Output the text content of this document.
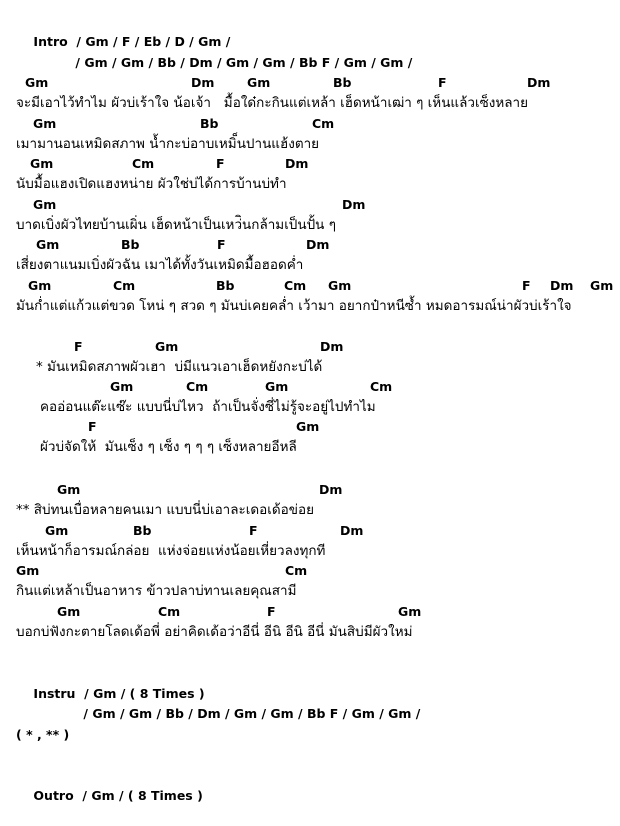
Intro / Gm / F / Eb / D / Gm /

/ Gm / Gm / Bb / Dm / Gm / Gm / Bb F / Gm / Gm /

Gm	Dm	Gm	Bb	F	Dm
จะมีเอาไว้ทำไม ผัวบ่เร้าใจ น้อเจ้า   มื้อใด๋กะกินแต่เหล้า เฮ็ดหน้าเฒ่า ๆ เห็นแล้วเซ็งหลาย
Gm	Bb	Cm
เมามานอนเหมิดสภาพ น้ำกะบ่อาบเหมิ็นปานแฮ้งตาย
Gm	Cm	F	Dm
นับมื้อแฮงเปิดแฮงหน่าย ผัวใช่บ่ได้การบ้านบ่ทำ
Gm	Dm
บาดเบิ่งผัวไทยบ้านเผิ่น เฮ็ดหน้าเป็นเหว่ินกล้ามเป็นปั้น ๆ
Gm	Bb	F	Dm
เสี่ยงตาแนมเบิ่งผัวฉัน เมาได้ทั้งวันเหมิดมื้อฮอดค่ำ
Gm	Cm	Bb	Cm Gm	F Dm Gm
มันก่ำแต่แก้วแต่ขวด โหน่ ๆ สวด ๆ มันบ่เคยคล่ำ เว้ามา อยากป๋าหนีซ้ำ หมดอารมณ์น่าผัวบ่เร้าใจ
F	Gm	Dm
* มันเหมิดสภาพผัวเฮา  บ่มีแนวเอาเฮ็ดหยังกะบ่ได้
Gm	Cm	Gm	Cm
คออ่อนแต๊ะแซ๊ะ แบบนี่บ่ไหว  ถ้าเป็นจั่งซี่ไม่รู้จะอยู่ไปทำไม
F	Gm
ผัวบ่จัดให้  มันเซ็ง ๆ เซ็ง ๆ ๆ ๆ เซ็งหลายอีหลี
Gm	Dm
** สิบ่ทนเบื่อหลายคนเมา แบบนี่บ่เอาละเดอเด้อข่อย
Gm	Bb	F	Dm
เห็นหน้าก็อารมณ์กล่อย  แห่งจ่อยแห่งน้อยเหี่ยวลงทุกที
Gm	Cm
กินแต่เหล้าเป็นอาหาร ข้าวปลาบ่ทานเลยคุณสามี
Gm	Cm	F	Gm
บอกบ่ฟังกะตายโลดเด้อพี่ อย่าคิดเด้อว่าอีนี่ อีนิ อีนิ อีนี่ มันสิบ่มีผัวใหม่

Instru / Gm / ( 8 Times )

/ Gm / Gm / Bb / Dm / Gm / Gm / Bb F / Gm / Gm /

( * , ** )

Outro / Gm / ( 8 Times )
